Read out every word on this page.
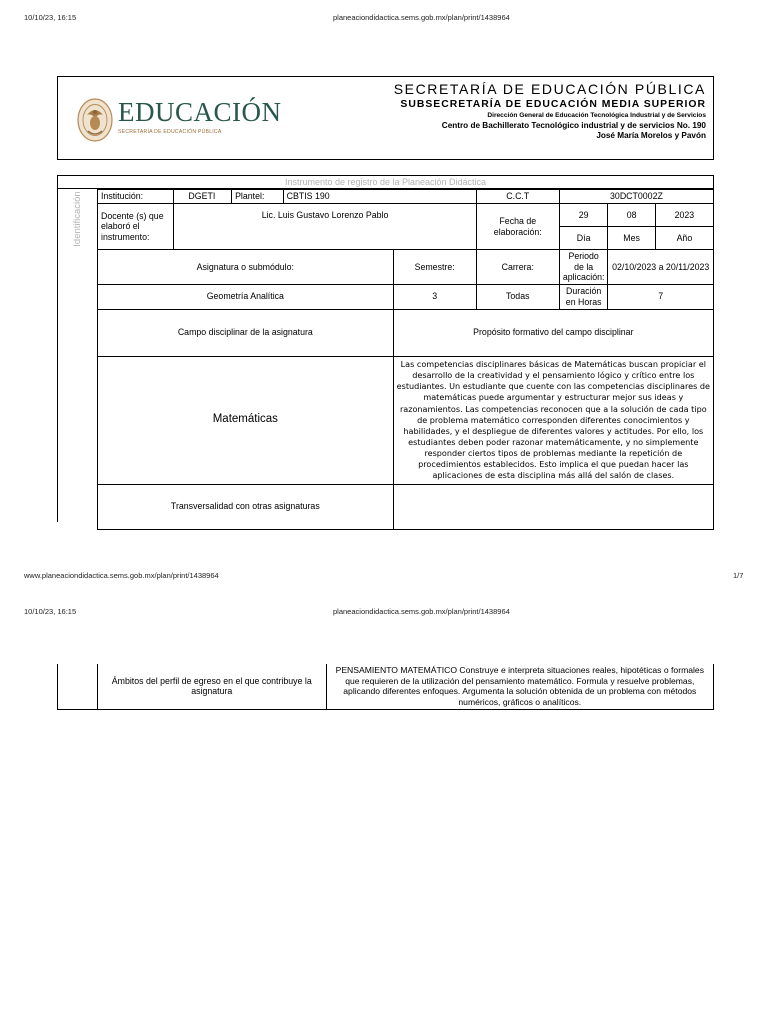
10/10/23, 16:15	planeaciondidactica.sems.gob.mx/plan/print/1438964
EDUCACIÓN
SECRETARÍA DE EDUCACIÓN PÚBLICA
SECRETARÍA DE EDUCACIÓN PÚBLICA
SUBSECRETARÍA DE EDUCACIÓN MEDIA SUPERIOR
Dirección General de Educación Tecnológica Industrial y de Servicios
Centro de Bachillerato Tecnológico industrial y de servicios No. 190
José María Morelos y Pavón
Instrumento de registro de la Planeación Didáctica
Identificación Institución:	DGETI	Plantel:	CBTIS 190		C.C.T	30DCT0002Z		
Docente (s) que elaboró el instrumento:	Lic. Luis Gustavo Lorenzo Pablo				Fecha de elaboración:	29	08	2023
						Día	Mes	Año
Asignatura o submódulo:				Semestre:	Carrera:	Periodo de la aplicación:	02/10/2023 a 20/11/2023	
Geometría Analítica				3	Todas	Duración en Horas	7	
Campo disciplinar de la asignatura				Propósito formativo del campo disciplinar				
Matemáticas				Las competencias disciplinares básicas de Matemáticas buscan propiciar el desarrollo de la creatividad y el pensamiento lógico y crítico entre los estudiantes. Un estudiante que cuente con las competencias disciplinares de matemáticas puede argumentar y estructurar mejor sus ideas y razonamientos. Las competencias reconocen que a la solución de cada tipo de problema matemático corresponden diferentes conocimientos y habilidades, y el despliegue de diferentes valores y actitudes. Por ello, los estudiantes deben poder razonar matemáticamente, y no simplemente responder ciertos tipos de problemas mediante la repetición de procedimientos establecidos. Esto implica el que puedan hacer las aplicaciones de esta disciplina más allá del salón de clases.				
Transversalidad con otras asignaturas								
www.planeaciondidactica.sems.gob.mx/plan/print/1438964	1/7
10/10/23, 16:15	planeaciondidactica.sems.gob.mx/plan/print/1438964
	Ámbitos del perfil de egreso en el que contribuye la asignatura	PENSAMIENTO MATEMÁTICO Construye e interpreta situaciones reales, hipotéticas o formales que requieren de la utilización del pensamiento matemático. Formula y resuelve problemas, aplicando diferentes enfoques. Argumenta la solución obtenida de un problema con métodos numéricos, gráficos o analíticos.
